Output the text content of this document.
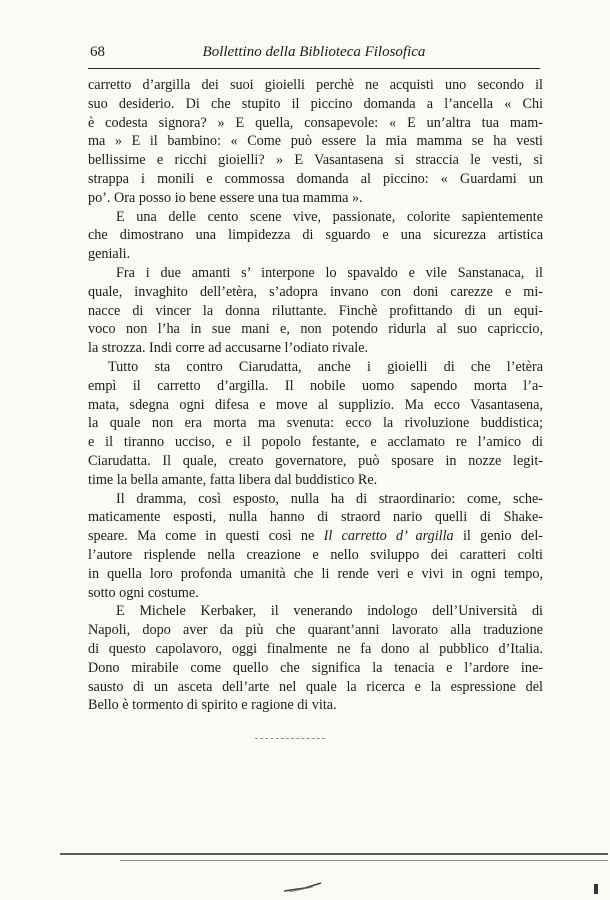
68	Bollettino della Biblioteca Filosofica

carretto d’argilla dei suoi gioielli perchè ne acquisti uno secondo il

suo desiderio. Di che stupito il piccino domanda a l’ancella « Chi

è codesta signora? » E quella, consapevole: « E un’altra tua mam-

ma » E il bambino: « Come può essere la mia mamma se ha vesti

bellissime e ricchi gioielli? » E Vasantasena si straccia le vesti, si

strappa i monili e commossa domanda al piccino: « Guardami un

po’. Ora posso io bene essere una tua mamma ».

E una delle cento scene vive, passionate, colorite sapientemente

che dimostrano una limpidezza di sguardo e una sicurezza artistica

geniali.

Fra i due amanti s’ interpone lo spavaldo e vile Sanstanaca, il

quale, invaghito dell’etèra, s’adopra invano con doni carezze e mi-

nacce di vincer la donna riluttante. Finchè profittando di un equi-

voco non l’ha in sue mani e, non potendo ridurla al suo capriccio,

la strozza. Indi corre ad accusarne l’odiato rivale.

Tutto sta contro Ciarudatta, anche i gioielli di che l’etèra

empì il carretto d’argilla. Il nobile uomo sapendo morta l’a-

mata, sdegna ogni difesa e move al supplizio. Ma ecco Vasantasena,

la quale non era morta ma svenuta: ecco la rivoluzione buddistica;

e il tiranno ucciso, e il popolo festante, e acclamato re l’amico di

Ciarudatta. Il quale, creato governatore, può sposare in nozze legit-

time la bella amante, fatta libera dal buddistico Re.

Il dramma, così esposto, nulla ha di straordinario: come, sche-

maticamente esposti, nulla hanno di straord nario quelli di Shake-

speare. Ma come in questi così ne Il carretto d’ argilla il genio del-

l’autore risplende nella creazione e nello sviluppo dei caratteri colti

in quella loro profonda umanità che li rende veri e vivi in ogni tempo,

sotto ogni costume.

E Michele Kerbaker, il venerando indologo dell’Università di

Napoli, dopo aver da più che quarant’anni lavorato alla traduzione

di questo capolavoro, oggi finalmente ne fa dono al pubblico d’Italia.

Dono mirabile come quello che significa la tenacia e l’ardore ine-

sausto di un asceta dell’arte nel quale la ricerca e la espressione del

Bello è tormento di spirito e ragione di vita.
